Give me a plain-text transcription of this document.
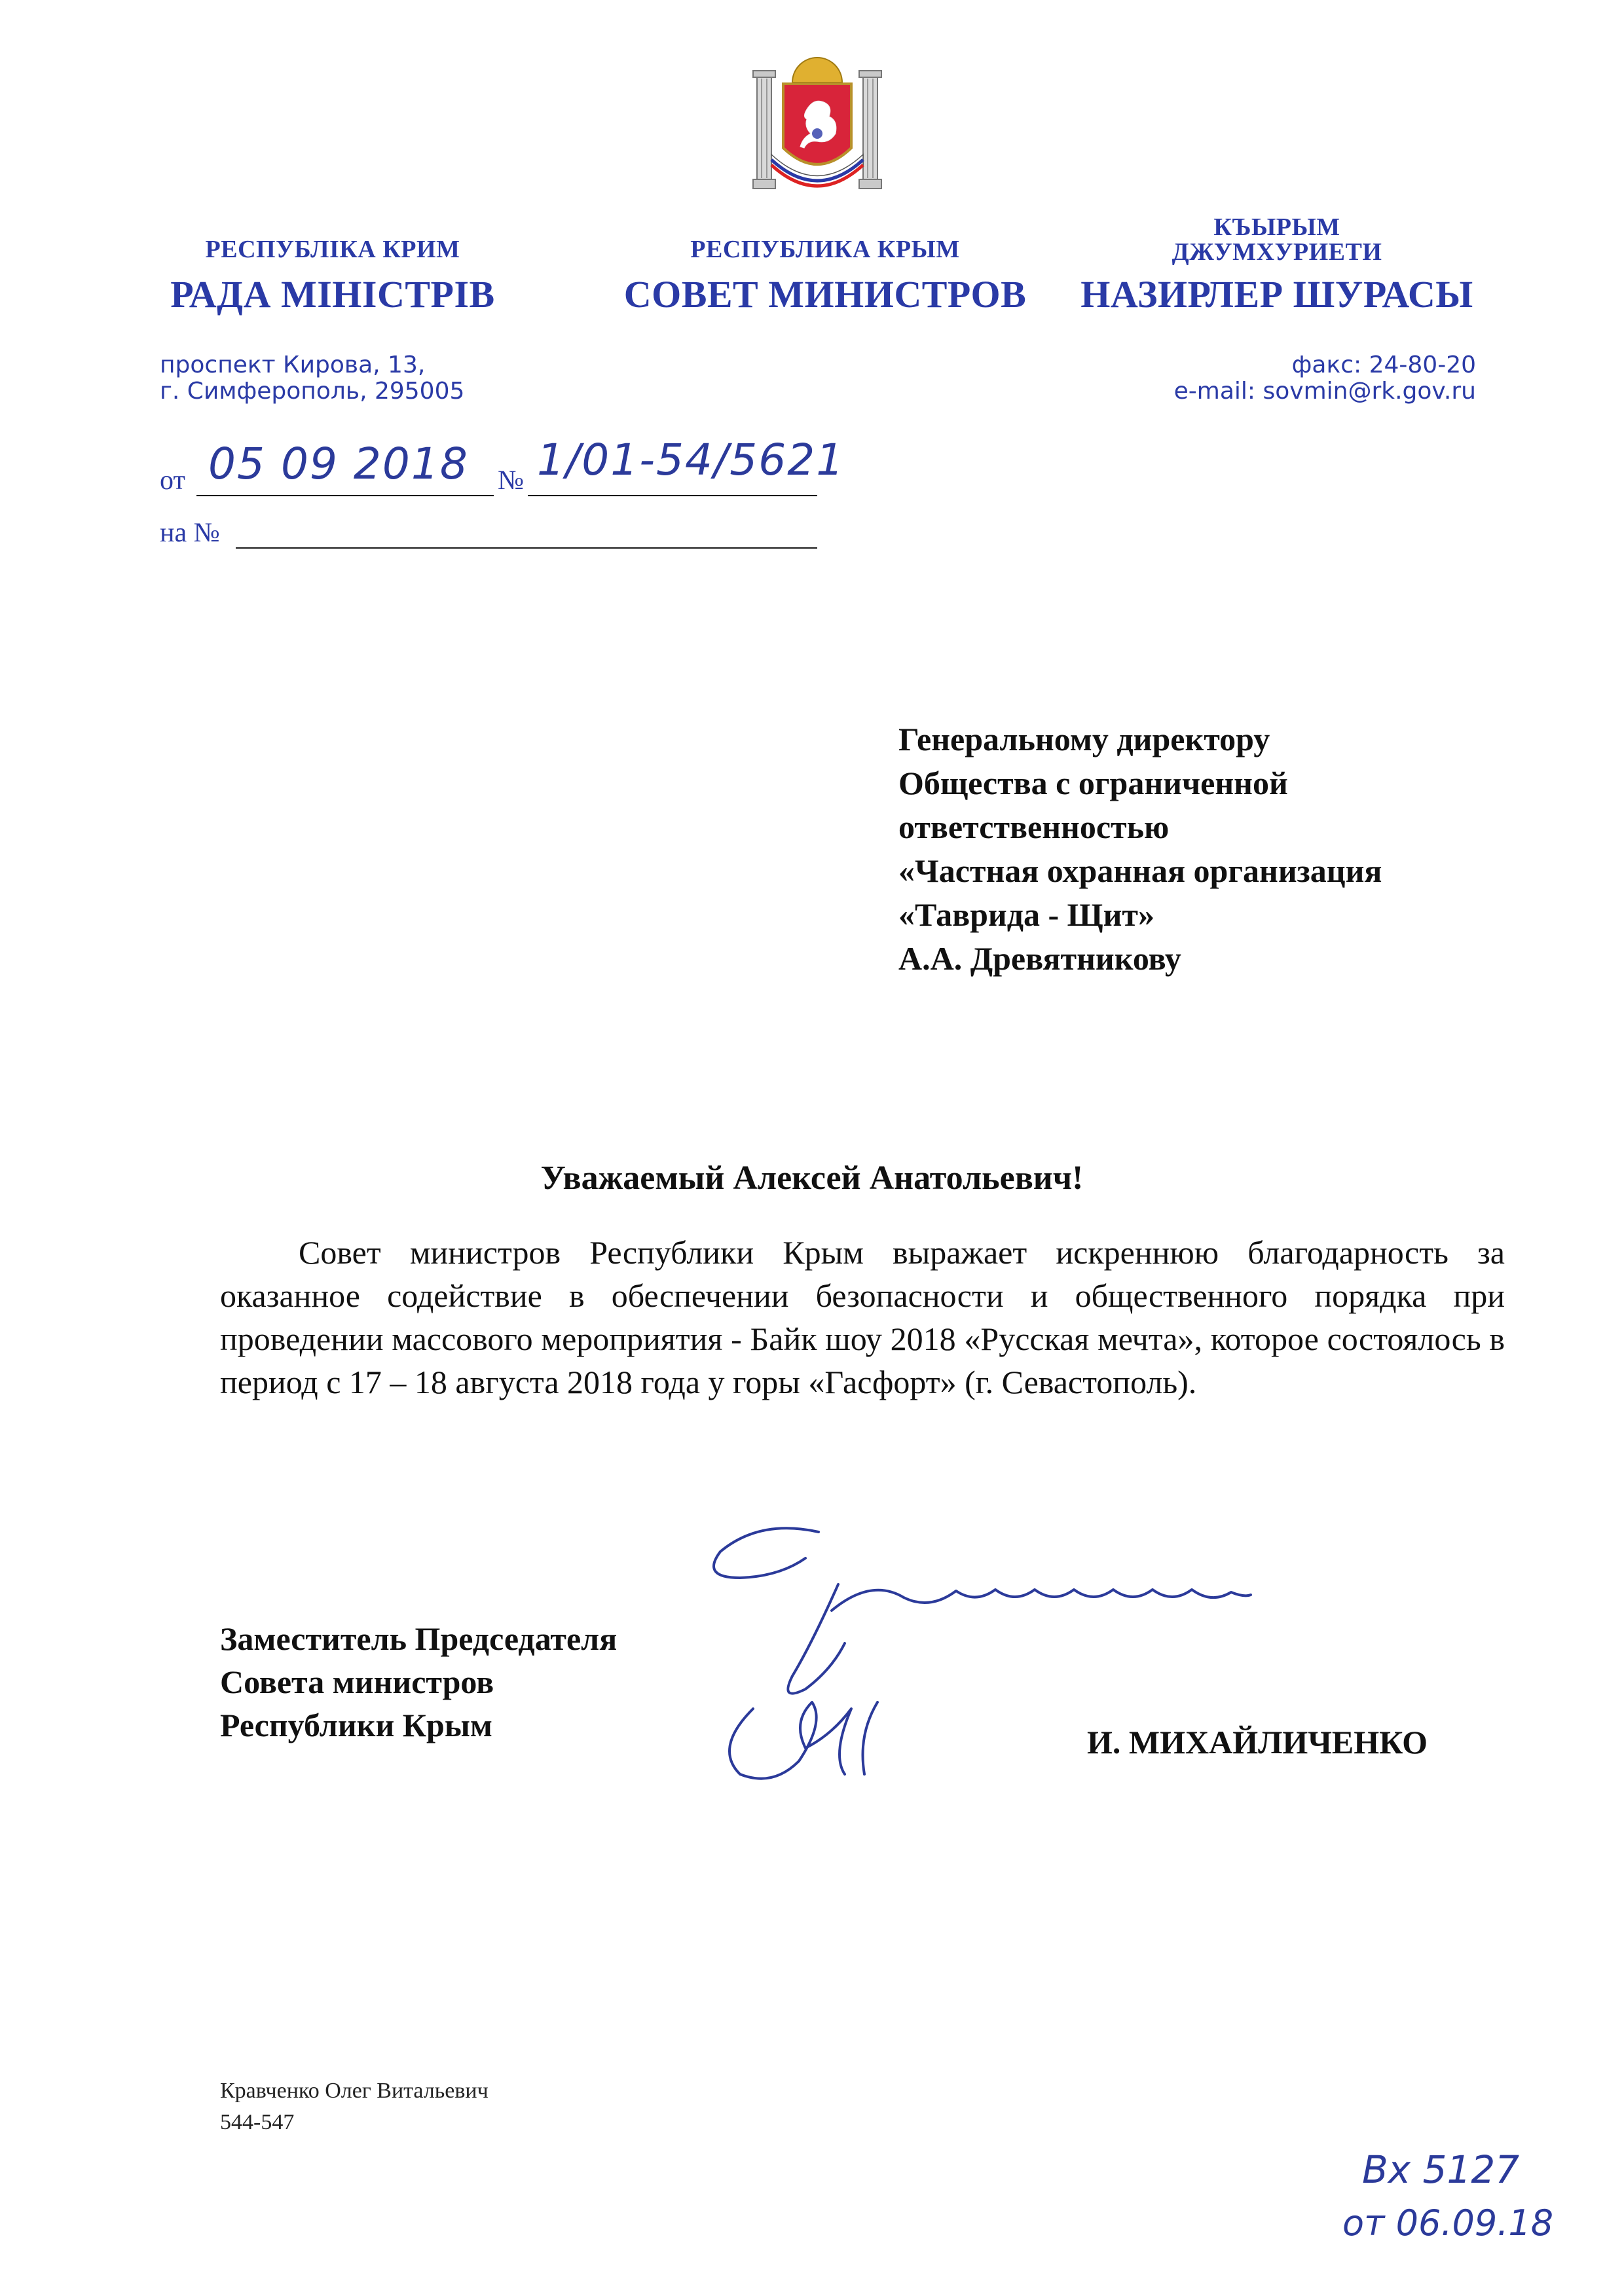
РЕСПУБЛІКА КРИМ
РАДА МІНІСТРІВ
РЕСПУБЛИКА КРЫМ
СОВЕТ МИНИСТРОВ
КЪЫРЫМ
ДЖУМХУРИЕТИ
НАЗИРЛЕР ШУРАСЫ
проспект Кирова, 13,
г. Симферополь, 295005
факс: 24-80-20
e-mail: sovmin@rk.gov.ru
от 05 09 2018 № 1/01-54/5621
на №
Генеральному директору
Общества с ограниченной
ответственностью
«Частная охранная организация
«Таврида - Щит»
А.А. Древятникову
Уважаемый Алексей Анатольевич!

Совет министров Республики Крым выражает искреннюю благодарность за оказанное содействие в обеспечении безопасности и общественного порядка при проведении массового мероприятия - Байк шоу 2018 «Русская мечта», которое состоялось в период с 17 – 18 августа 2018 года у горы «Гасфорт» (г. Севастополь).

Заместитель Председателя
Совета министров
Республики Крым	И. МИХАЙЛИЧЕНКО
Кравченко Олег Витальевич
544-547
Вх 5127
от 06.09.18
